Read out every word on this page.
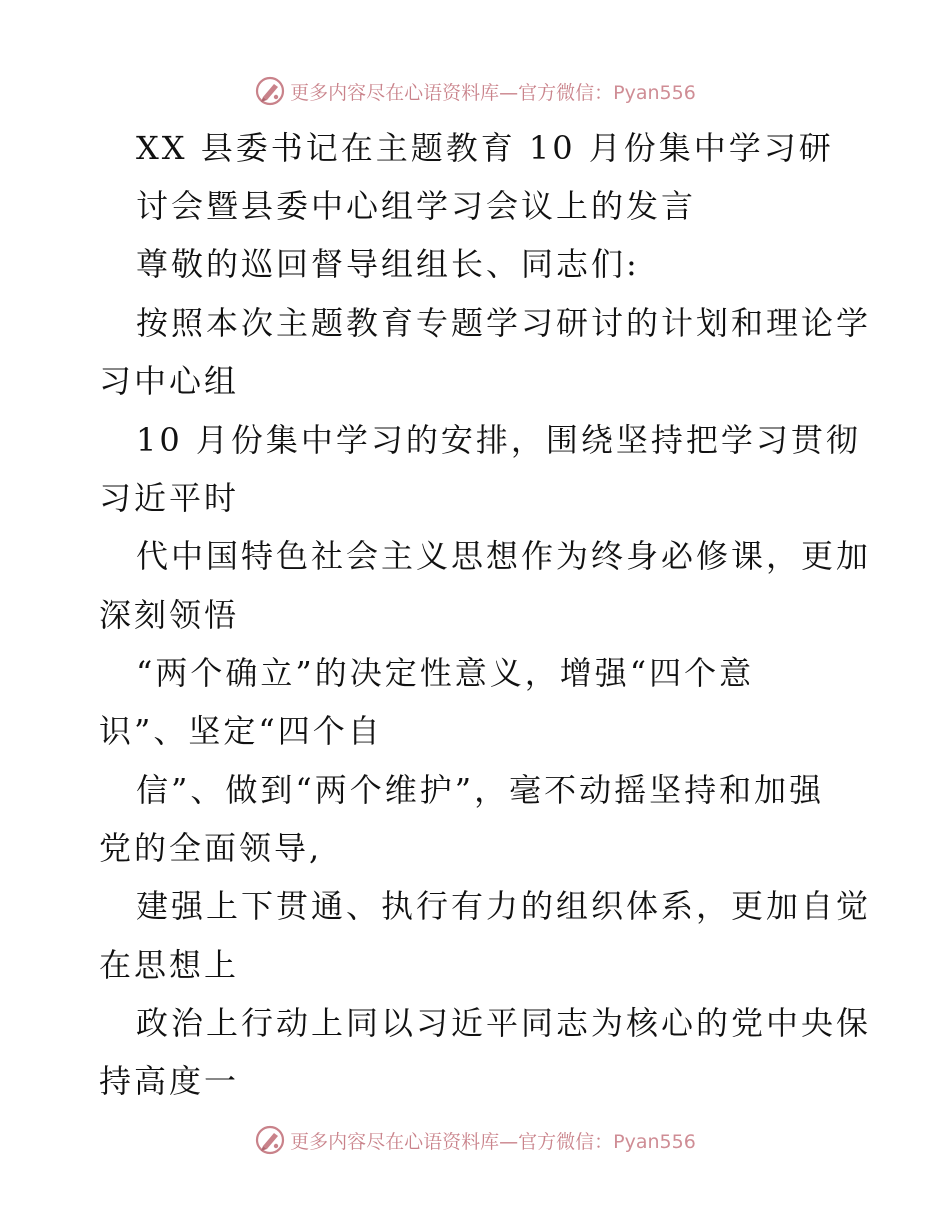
更多内容尽在心语资料库—官方微信：Pyan556
XX 县委书记在主题教育 10 月份集中学习研
讨会暨县委中心组学习会议上的发言
尊敬的巡回督导组组长、同志们:
按照本次主题教育专题学习研讨的计划和理论学
习中心组
10 月份集中学习的安排，围绕坚持把学习贯彻
习近平时
代中国特色社会主义思想作为终身必修课，更加
深刻领悟
“两个确立”的决定性意义，增强“四个意
识”、坚定“四个自
信”、做到“两个维护”，毫不动摇坚持和加强
党的全面领导,
建强上下贯通、执行有力的组织体系，更加自觉
在思想上
政治上行动上同以习近平同志为核心的党中央保
持高度一
更多内容尽在心语资料库—官方微信：Pyan556
